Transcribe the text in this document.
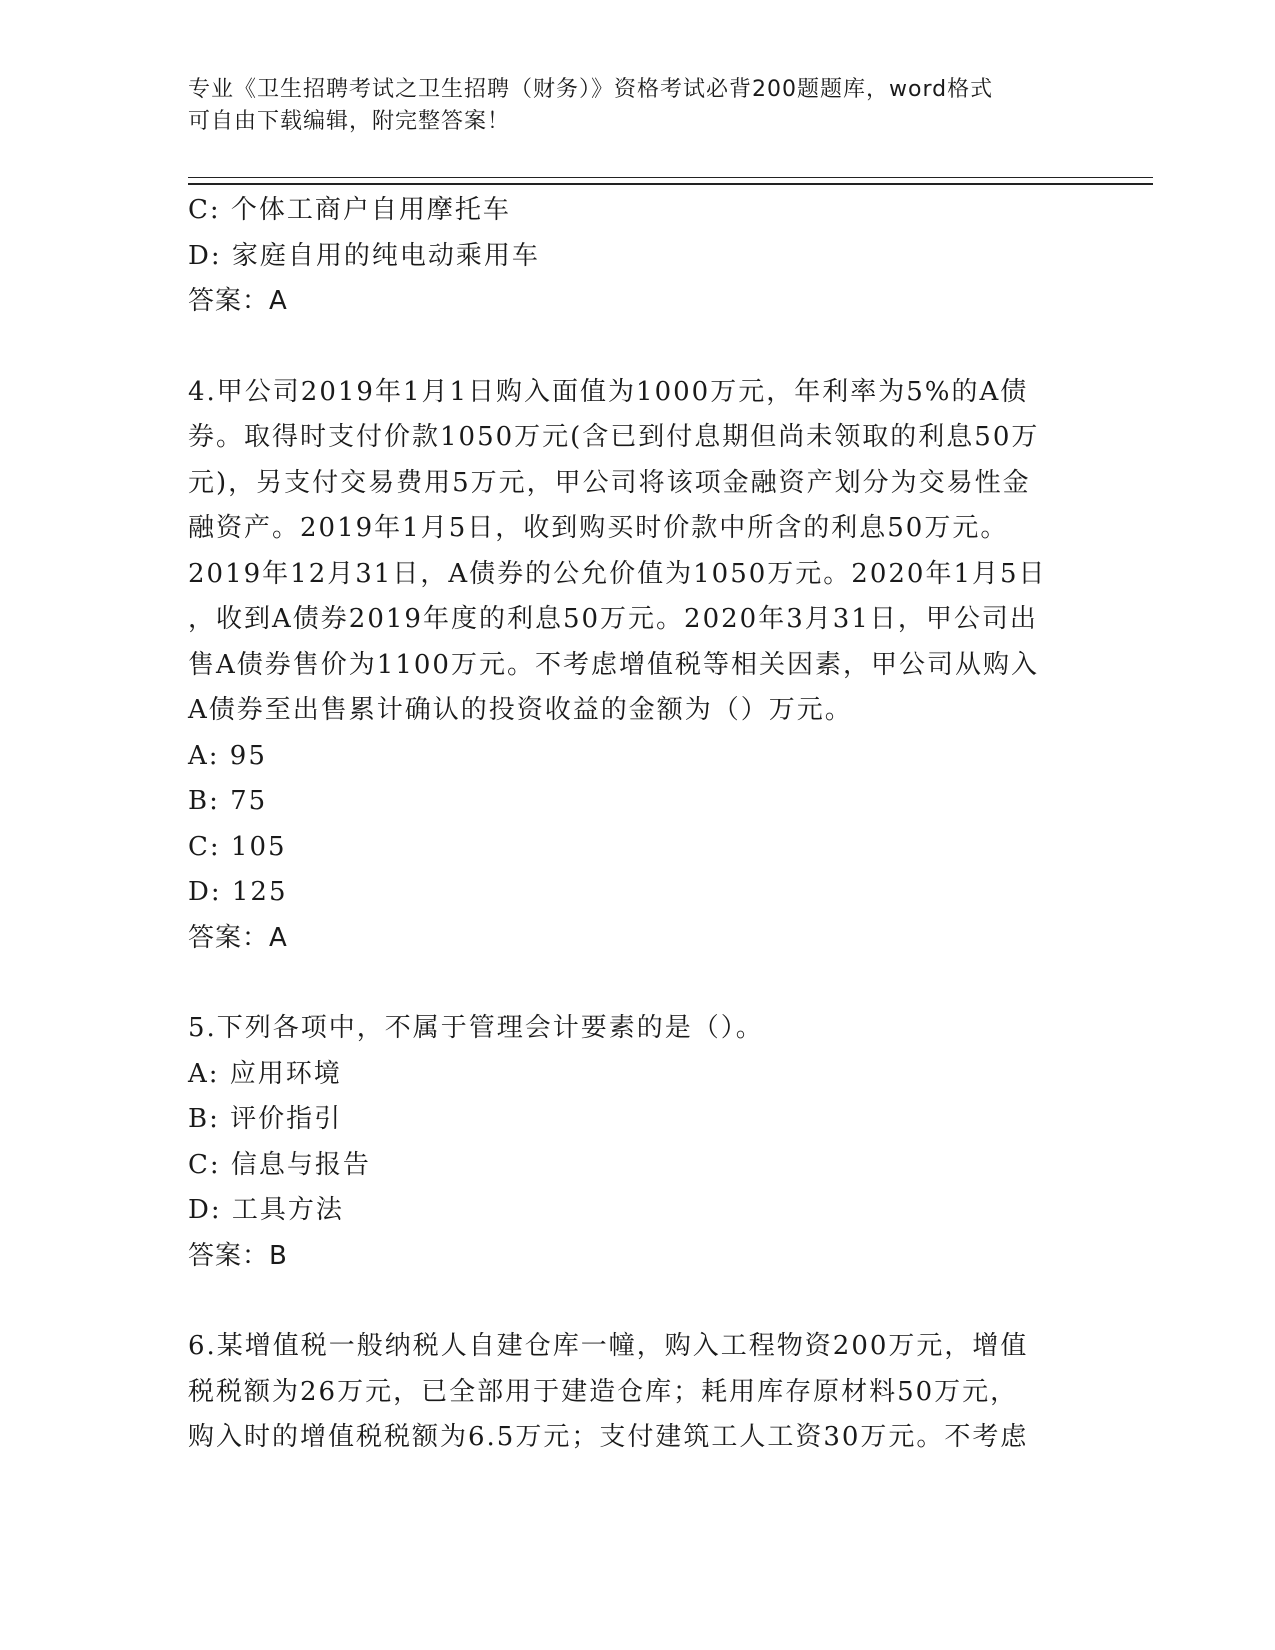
专业《卫生招聘考试之卫生招聘（财务）》资格考试必背200题题库，word格式
可自由下载编辑，附完整答案！

C: 个体工商户自用摩托车

D: 家庭自用的纯电动乘用车

答案：A

4.甲公司2019年1月1日购入面值为1000万元，年利率为5%的A债

券。取得时支付价款1050万元(含已到付息期但尚未领取的利息50万

元)，另支付交易费用5万元，甲公司将该项金融资产划分为交易性金

融资产。2019年1月5日，收到购买时价款中所含的利息50万元。

2019年12月31日，A债券的公允价值为1050万元。2020年1月5日

，收到A债券2019年度的利息50万元。2020年3月31日，甲公司出

售A债券售价为1100万元。不考虑增值税等相关因素，甲公司从购入

A债券至出售累计确认的投资收益的金额为（）万元。

A: 95

B: 75

C: 105

D: 125

答案：A

5.下列各项中，不属于管理会计要素的是（）。

A: 应用环境

B: 评价指引

C: 信息与报告

D: 工具方法

答案：B

6.某增值税一般纳税人自建仓库一幢，购入工程物资200万元，增值

税税额为26万元，已全部用于建造仓库；耗用库存原材料50万元，

购入时的增值税税额为6.5万元；支付建筑工人工资30万元。不考虑
